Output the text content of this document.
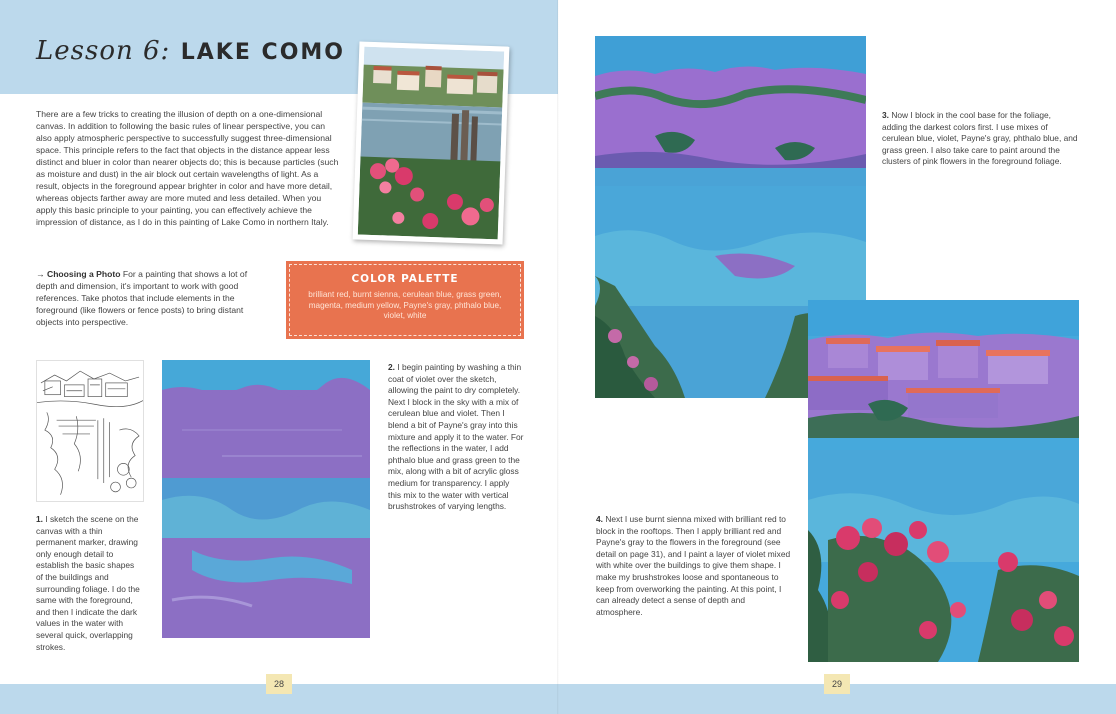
Lesson 6: LAKE COMO

There are a few tricks to creating the illusion of depth on a one-dimensional canvas. In addition to following the basic rules of linear perspective, you can also apply atmospheric perspective to successfully suggest three-dimensional space. This principle refers to the fact that objects in the distance appear less distinct and bluer in color than nearer objects do; this is because particles (such as moisture and dust) in the air block out certain wavelengths of light. As a result, objects in the foreground appear brighter in color and have more detail, whereas objects farther away are more muted and less detailed. When you apply this basic principle to your painting, you can effectively achieve the impression of distance, as I do in this painting of Lake Como in northern Italy.

→ Choosing a Photo For a painting that shows a lot of depth and dimension, it's important to work with good references. Take photos that include elements in the foreground (like flowers or fence posts) to bring distant objects into perspective.

COLOR PALETTE
brilliant red, burnt sienna, cerulean blue, grass green, magenta, medium yellow, Payne's gray, phthalo blue, violet, white

1. I sketch the scene on the canvas with a thin permanent marker, drawing only enough detail to establish the basic shapes of the buildings and surrounding foliage. I do the same with the foreground, and then I indicate the dark values in the water with several quick, overlapping strokes.

2. I begin painting by washing a thin coat of violet over the sketch, allowing the paint to dry completely. Next I block in the sky with a mix of cerulean blue and violet. Then I blend a bit of Payne's gray into this mixture and apply it to the water. For the reflections in the water, I add phthalo blue and grass green to the mix, along with a bit of acrylic gloss medium for transparency. I apply this mix to the water with vertical brushstrokes of varying lengths.

28

3. Now I block in the cool base for the foliage, adding the darkest colors first. I use mixes of cerulean blue, violet, Payne's gray, phthalo blue, and grass green. I also take care to paint around the clusters of pink flowers in the foreground foliage.

4. Next I use burnt sienna mixed with brilliant red to block in the rooftops. Then I apply brilliant red and Payne's gray to the flowers in the foreground (see detail on page 31), and I paint a layer of violet mixed with white over the buildings to give them shape. I make my brushstrokes loose and spontaneous to keep from overworking the painting. At this point, I can already detect a sense of depth and atmosphere.

29
